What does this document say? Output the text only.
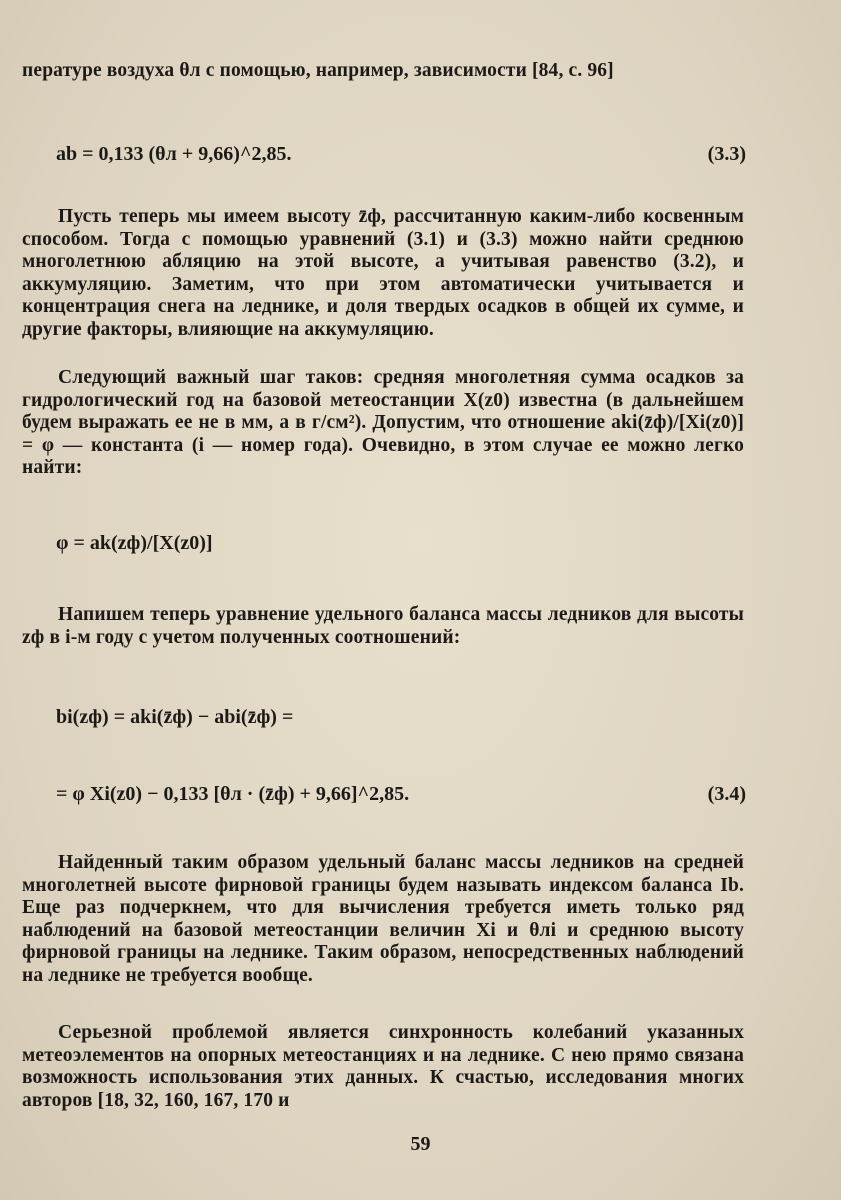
пературе воздуха θл с помощью, например, зависимости [84, с. 96]
ab = 0,133 (θл + 9,66)^2,85.	(3.3)
Пусть теперь мы имеем высоту z̄ф, рассчитанную каким-либо косвенным способом. Тогда с помощью уравнений (3.1) и (3.3) можно найти среднюю многолетнюю абляцию на этой высоте, а учитывая равенство (3.2), и аккумуляцию. Заметим, что при этом автоматически учитывается и концентрация снега на леднике, и доля твердых осадков в общей их сумме, и другие факторы, влияющие на аккумуляцию.
Следующий важный шаг таков: средняя многолетняя сумма осадков за гидрологический год на базовой метеостанции X(z0) известна (в дальнейшем будем выражать ее не в мм, а в г/см²). Допустим, что отношение aki(z̄ф)/[Xi(z0)] = φ — константа (i — номер года). Очевидно, в этом случае ее можно легко найти:
φ = ak(zф)/[X(z0)]
Напишем теперь уравнение удельного баланса массы ледников для высоты zф в i-м году с учетом полученных соотношений:
bi(zф) = aki(z̄ф) − abi(z̄ф) =
= φ Xi(z0) − 0,133 [θл · (z̄ф) + 9,66]^2,85.	(3.4)
Найденный таким образом удельный баланс массы ледников на средней многолетней высоте фирновой границы будем называть индексом баланса Ib. Еще раз подчеркнем, что для вычисления требуется иметь только ряд наблюдений на базовой метеостанции величин Xi и θлi и среднюю высоту фирновой границы на леднике. Таким образом, непосредственных наблюдений на леднике не требуется вообще.
Серьезной проблемой является синхронность колебаний указанных метеоэлементов на опорных метеостанциях и на леднике. С нею прямо связана возможность использования этих данных. К счастью, исследования многих авторов [18, 32, 160, 167, 170 и
59
